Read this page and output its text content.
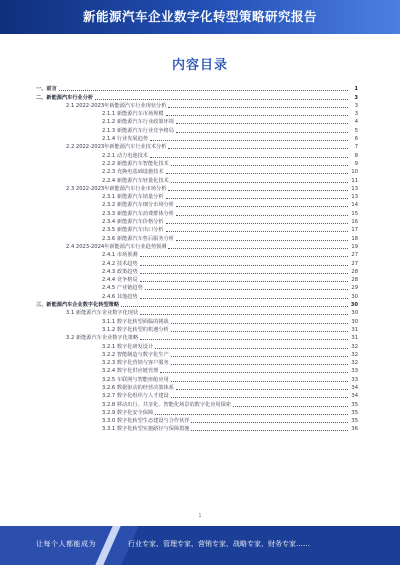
新能源汽车企业数字化转型策略研究报告
内容目录
一、前言	1
二、新能源汽车行业分析	3
2.1 2022-2023年新能源汽车行业现状分析	3
2.1.1 新能源汽车市场规模	3
2.1.2 新能源汽车行业政策环境	4
2.1.3 新能源汽车行业竞争格局	5
2.1.4 行业发展趋势	6
2.2 2022-2023年新能源汽车行业技术分析	7
2.2.1 动力电池技术	8
2.2.2 新能源汽车智能化技术	9
2.2.3 充换电基础设施技术	10
2.2.4 新能源汽车轻量化技术	11
2.3 2022-2023年新能源汽车行业市场分析	13
2.3.1 新能源汽车销量分析	13
2.3.2 新能源汽车细分市场分析	14
2.3.3 新能源汽车消费群体分析	15
2.3.4 新能源汽车价格分析	16
2.3.5 新能源汽车出口分析	17
2.3.6 新能源汽车售后服务分析	18
2.4 2023-2024年新能源汽车行业趋势预测	19
2.4.1 市场预测	27
2.4.2 技术趋势	27
2.4.3 政策趋势	28
2.4.4 竞争格局	28
2.4.5 产业链趋势	29
2.4.6 其他趋势	30
三、新能源汽车企业数字化转型策略	30
3.1 新能源汽车企业数字化现状	30
3.1.1 数字化转型面临的挑战	30
3.1.2 数字化转型的机遇分析	31
3.2 新能源汽车企业数字化策略	31
3.2.1 数字化研发设计	32
3.2.2 智能制造与数字化生产	32
3.2.3 数字化营销与客户服务	32
3.2.4 数字化供应链管理	33
3.2.5 车联网与智能座舱应用	33
3.2.6 数据驱动的经营决策体系	34
3.2.7 数字化组织与人才建设	34
3.2.8 移动出行、共享化、智能化场景的数字化应用探索	35
3.2.9 数字化安全保障	35
3.3.0 数字化转型生态建设与合作伙伴	35
3.3.1 数字化转型实施路径与保障措施	36
1
让每个人都能成为	行业专家、管理专家、营销专家、战略专家、财务专家……
